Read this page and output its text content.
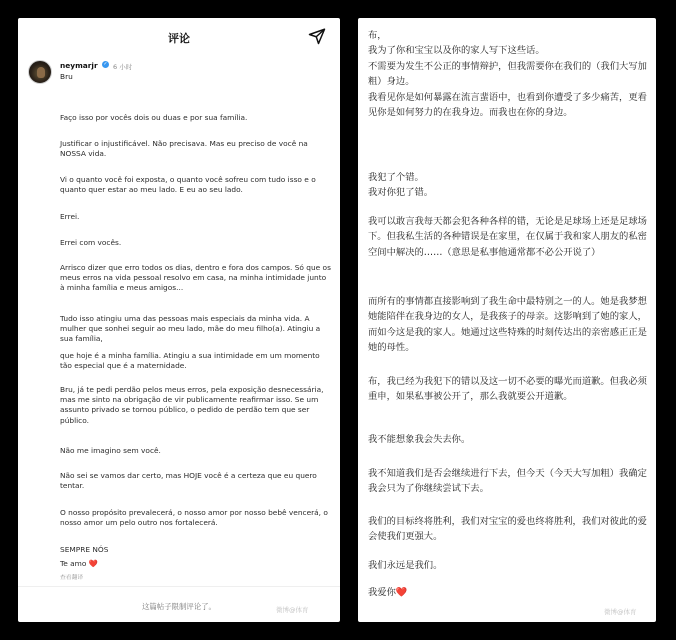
评论
neymarjr ✓ 6 小时
Bru

Faço isso por vocês dois ou duas e por sua família.

Justificar o injustificável. Não precisava. Mas eu preciso de você na NOSSA vida.

Vi o quanto você foi exposta, o quanto você sofreu com tudo isso e o quanto quer estar ao meu lado. E eu ao seu lado.

Errei.

Errei com vocês.

Arrisco dizer que erro todos os dias, dentro e fora dos campos. Só que os meus erros na vida pessoal resolvo em casa, na minha intimidade junto à minha família e meus amigos...

Tudo isso atingiu uma das pessoas mais especiais da minha vida. A mulher que sonhei seguir ao meu lado, mãe do meu filho(a). Atingiu a sua família,

que hoje é a minha família. Atingiu a sua intimidade em um momento tão especial que é a maternidade.

Bru, já te pedi perdão pelos meus erros, pela exposição desnecessária, mas me sinto na obrigação de vir publicamente reafirmar isso. Se um assunto privado se tornou público, o pedido de perdão tem que ser público.

Não me imagino sem você.

Não sei se vamos dar certo, mas HOJE você é a certeza que eu quero tentar.

O nosso propósito prevalecerá, o nosso amor por nosso bebê vencerá, o nosso amor um pelo outro nos fortalecerá.

SEMPRE NÓS

Te amo ❤️

查看翻译
这篇帖子限制评论了。	微博@体育

布，
我为了你和宝宝以及你的家人写下这些话。
不需要为发生不公正的事情辩护，但我需要你在我们的（我们大写加粗）身边。
我看见你是如何暴露在流言蜚语中，也看到你遭受了多少痛苦，更看见你是如何努力的在我身边。而我也在你的身边。

我犯了个错。
我对你犯了错。

我可以敢言我每天都会犯各种各样的错，无论是足球场上还是足球场下。但我私生活的各种错误是在家里，在仅属于我和家人朋友的私密空间中解决的……（意思是私事他通常都不必公开说了）

而所有的事情都直接影响到了我生命中最特别之一的人。她是我梦想她能陪伴在我身边的女人，是我孩子的母亲。这影响到了她的家人，而如今这是我的家人。她通过这些特殊的时刻传达出的亲密感正正是她的母性。

布，我已经为我犯下的错以及这一切不必要的曝光而道歉。但我必须重申，如果私事被公开了，那么我就要公开道歉。

我不能想象我会失去你。

我不知道我们是否会继续进行下去，但今天（今天大写加粗）我确定我会只为了你继续尝试下去。

我们的目标终将胜利，我们对宝宝的爱也终将胜利，我们对彼此的爱会使我们更强大。

我们永远是我们。

我爱你❤️

微博@体育
